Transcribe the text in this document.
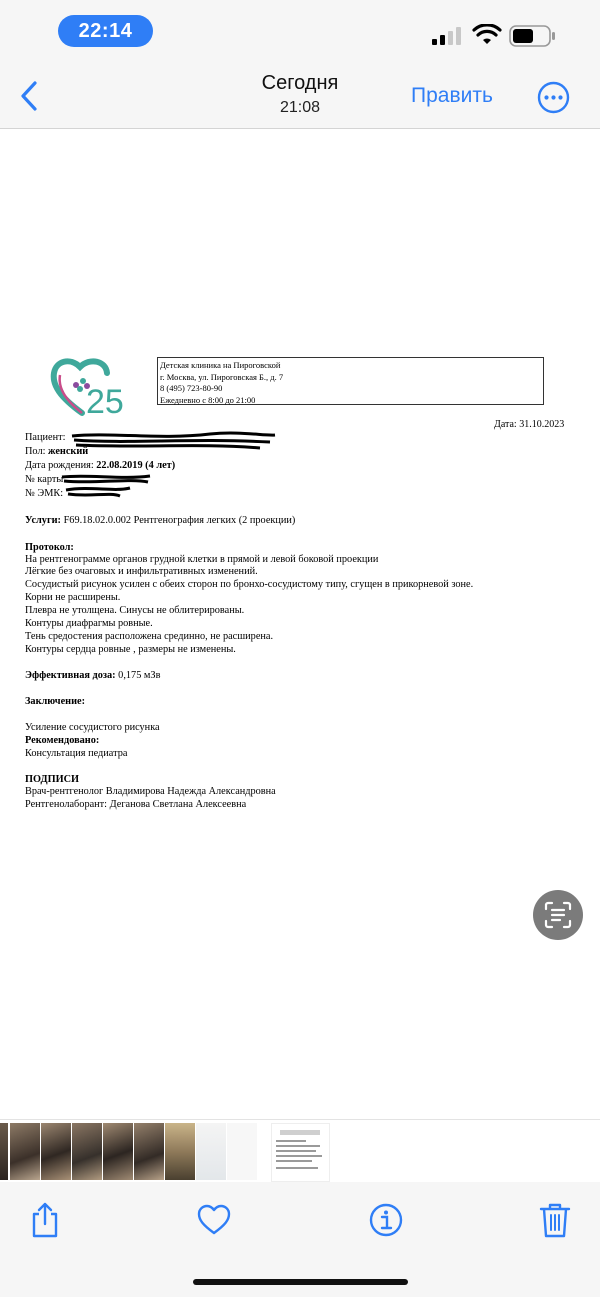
22:14
Сегодня
21:08
Править
25
Детская клиника на Пироговской
г. Москва, ул. Пироговская Б., д. 7
8 (495) 723-80-90
Ежедневно с 8:00 до 21:00
Дата: 31.10.2023
Пациент:
Пол: женский
Дата рождения: 22.08.2019 (4 лет)
№ карты
№ ЭМК:
Услуги: F69.18.02.0.002 Рентгенография легких (2 проекции)
Протокол:
На рентгенограмме органов грудной клетки в прямой и левой боковой проекции
Лёгкие без очаговых и инфильтративных изменений.
Сосудистый рисунок усилен с обеих сторон по бронхо-сосудистому типу, сгущен в прикорневой зоне.
Корни не расширены.
Плевра не утолщена. Синусы не облитерированы.
Контуры диафрагмы ровные.
Тень средостения расположена срединно, не расширена.
Контуры сердца ровные , размеры не изменены.
Эффективная доза: 0,175 мЗв
Заключение:
Усиление сосудистого рисунка
Рекомендовано:
Консультация педиатра
ПОДПИСИ
Врач-рентгенолог Владимирова Надежда Александровна
Рентгенолаборант: Деганова Светлана Алексеевна
